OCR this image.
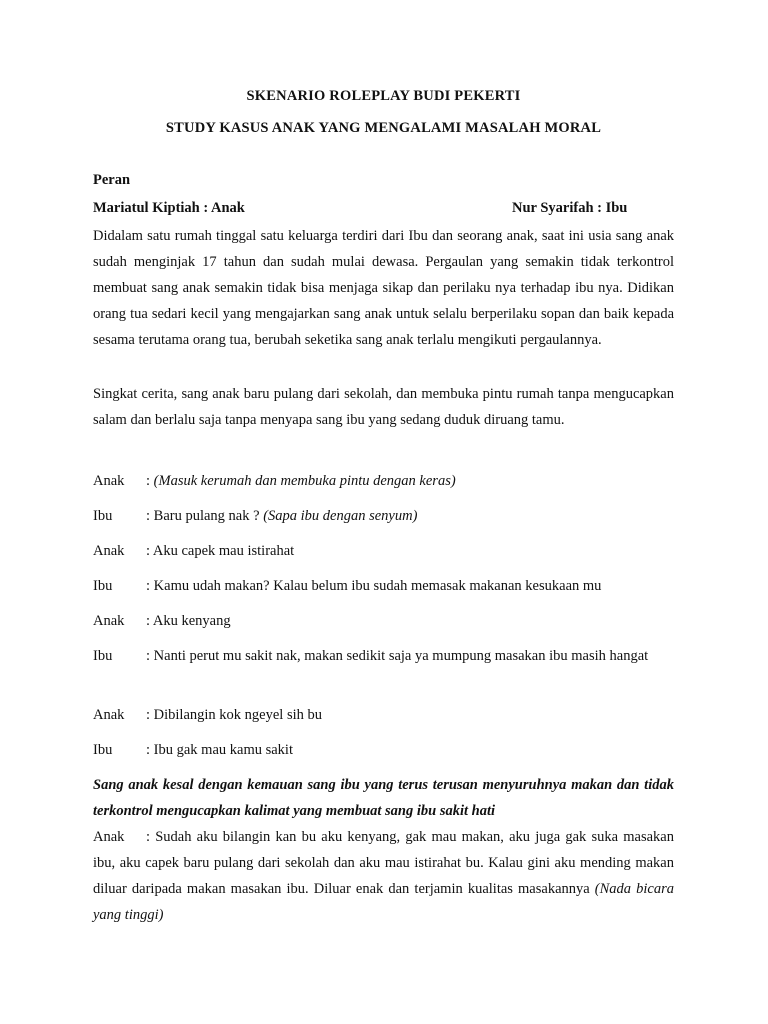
SKENARIO ROLEPLAY BUDI PEKERTI

STUDY KASUS ANAK YANG MENGALAMI MASALAH MORAL

Peran

Mariatul Kiptiah : Anak	Nur Syarifah : Ibu

Didalam satu rumah tinggal satu keluarga terdiri dari Ibu dan seorang anak, saat ini usia sang anak sudah menginjak 17 tahun dan sudah mulai dewasa. Pergaulan yang semakin tidak terkontrol membuat sang anak semakin tidak bisa menjaga sikap dan perilaku nya terhadap ibu nya. Didikan orang tua sedari kecil yang mengajarkan sang anak untuk selalu berperilaku sopan dan baik kepada sesama terutama orang tua, berubah seketika sang anak terlalu mengikuti pergaulannya.

Singkat cerita, sang anak baru pulang dari sekolah, dan membuka pintu rumah tanpa mengucapkan salam dan berlalu saja tanpa menyapa sang ibu yang sedang duduk diruang tamu.

Anak : (Masuk kerumah dan membuka pintu dengan keras)
Ibu : Baru pulang nak ? (Sapa ibu dengan senyum)
Anak : Aku capek mau istirahat
Ibu : Kamu udah makan? Kalau belum ibu sudah memasak makanan kesukaan mu
Anak : Aku kenyang
Ibu : Nanti perut mu sakit nak, makan sedikit saja ya mumpung masakan ibu masih hangat
Anak : Dibilangin kok ngeyel sih bu
Ibu : Ibu gak mau kamu sakit

Sang anak kesal dengan kemauan sang ibu yang terus terusan menyuruhnya makan dan tidak terkontrol mengucapkan kalimat yang membuat sang ibu sakit hati

Anak : Sudah aku bilangin kan bu aku kenyang, gak mau makan, aku juga gak suka masakan ibu, aku capek baru pulang dari sekolah dan aku mau istirahat bu. Kalau gini aku mending makan diluar daripada makan masakan ibu. Diluar enak dan terjamin kualitas masakannya (Nada bicara yang tinggi)
